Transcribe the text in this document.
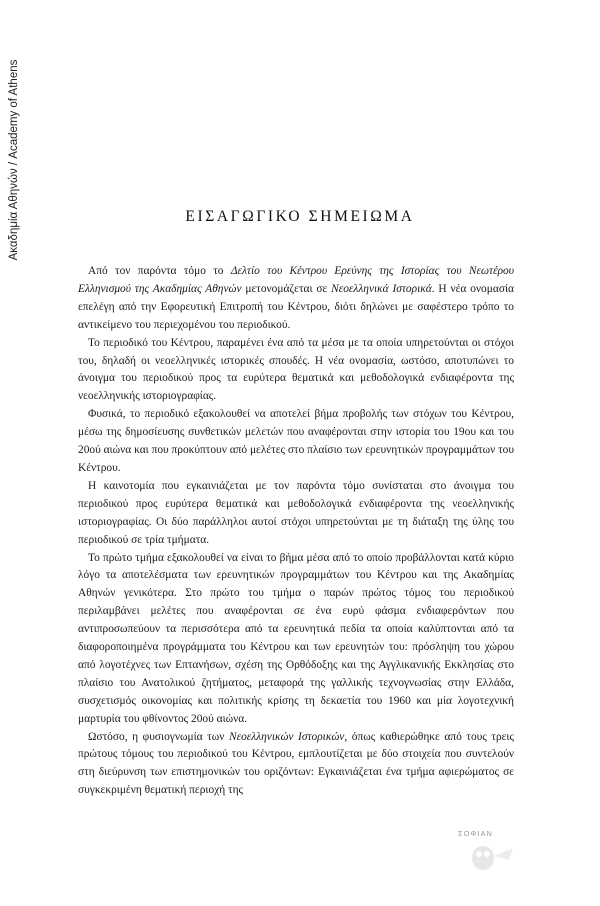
Ακαδημία Αθηνών / Academy of Athens	ΕΙΣΑΓΩΓΙΚΟ ΣΗΜΕΙΩΜΑ

Από τον παρόντα τόμο το Δελτίο του Κέντρου Ερεύνης της Ιστορίας του Νεωτέρου Ελληνισμού της Ακαδημίας Αθηνών μετονομάζεται σε Νεοελληνικά Ιστορικά. Η νέα ονομασία επελέγη από την Εφορευτική Επιτροπή του Κέντρου, διότι δηλώνει με σαφέστερο τρόπο το αντικείμενο του περιεχομένου του περιοδικού.

Το περιοδικό του Κέντρου, παραμένει ένα από τα μέσα με τα οποία υπηρετούνται οι στόχοι του, δηλαδή οι νεοελληνικές ιστορικές σπουδές. Η νέα ονομασία, ωστόσο, αποτυπώνει το άνοιγμα του περιοδικού προς τα ευρύτερα θεματικά και μεθοδολογικά ενδιαφέροντα της νεοελληνικής ιστοριογραφίας.

Φυσικά, το περιοδικό εξακολουθεί να αποτελεί βήμα προβολής των στόχων του Κέντρου, μέσω της δημοσίευσης συνθετικών μελετών που αναφέρονται στην ιστορία του 19ου και του 20ού αιώνα και που προκύπτουν από μελέτες στο πλαίσιο των ερευνητικών προγραμμάτων του Κέντρου.

Η καινοτομία που εγκαινιάζεται με τον παρόντα τόμο συνίσταται στο άνοιγμα του περιοδικού προς ευρύτερα θεματικά και μεθοδολογικά ενδιαφέροντα της νεοελληνικής ιστοριογραφίας. Οι δύο παράλληλοι αυτοί στόχοι υπηρετούνται με τη διάταξη της ύλης του περιοδικού σε τρία τμήματα.

Το πρώτο τμήμα εξακολουθεί να είναι το βήμα μέσα από το οποίο προβάλλονται κατά κύριο λόγο τα αποτελέσματα των ερευνητικών προγραμμάτων του Κέντρου και της Ακαδημίας Αθηνών γενικότερα. Στο πρώτο του τμήμα ο παρών πρώτος τόμος του περιοδικού περιλαμβάνει μελέτες που αναφέρονται σε ένα ευρύ φάσμα ενδιαφερόντων που αντιπροσωπεύουν τα περισσότερα από τα ερευνητικά πεδία τα οποία καλύπτονται από τα διαφοροποιημένα προγράμματα του Κέντρου και των ερευνητών του: πρόσληψη του χώρου από λογοτέχνες των Επτανήσων, σχέση της Ορθόδοξης και της Αγγλικανικής Εκκλησίας στο πλαίσιο του Ανατολικού ζητήματος, μεταφορά της γαλλικής τεχνογνωσίας στην Ελλάδα, συσχετισμός οικονομίας και πολιτικής κρίσης τη δεκαετία του 1960 και μία λογοτεχνική μαρτυρία του φθίνοντος 20ού αιώνα.

Ωστόσο, η φυσιογνωμία των Νεοελληνικών Ιστορικών, όπως καθιερώθηκε από τους τρεις πρώτους τόμους του περιοδικού του Κέντρου, εμπλουτίζεται με δύο στοιχεία που συντελούν στη διεύρυνση των επιστημονικών του οριζόντων: Εγκαινιάζεται ένα τμήμα αφιερώματος σε συγκεκριμένη θεματική περιοχή της

ΣΟΦΙΑΝ
